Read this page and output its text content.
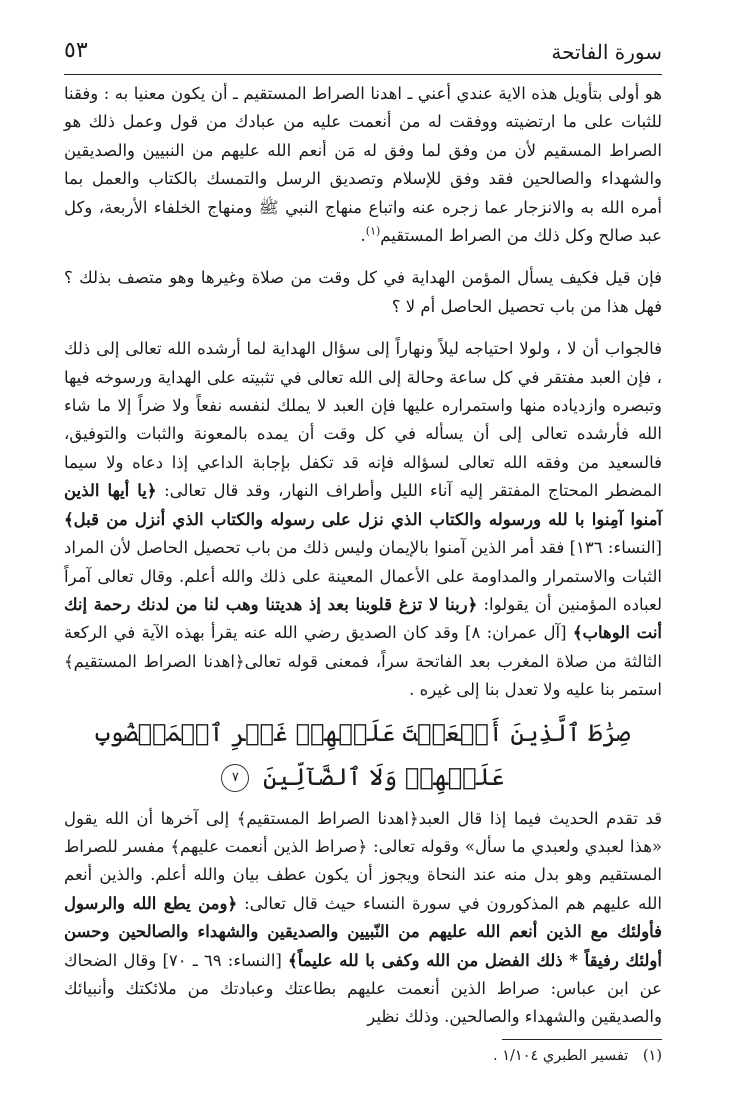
سورة الفاتحة
٥٣

هو أولى بتأويل هذه الاية عندي أعني ـ اهدنا الصراط المستقيم ـ أن يكون معنيا به : وفقنا للثبات على ما ارتضيته ووفقت له من أنعمت عليه من عبادك من قول وعمل ذلك هو الصراط المسقيم لأن من وفق لما وفق له مَن أنعم الله عليهم من النبيين والصديقين والشهداء والصالحين فقد وفق للإسلام وتصديق الرسل والتمسك بالكتاب والعمل بما أمره الله به والانزجار عما زجره عنه واتباع منهاج النبي ﷺ ومنهاج الخلفاء الأربعة، وكل عبد صالح وكل ذلك من الصراط المستقيم$^{(١)}$.

فإن قيل فكيف يسأل المؤمن الهداية في كل وقت من صلاة وغيرها وهو متصف بذلك ؟ فهل هذا من باب تحصيل الحاصل أم لا ؟

فالجواب أن لا ، ولولا احتياجه ليلاً ونهاراً إلى سؤال الهداية لما أرشده الله تعالى إلى ذلك ، فإن العبد مفتقر في كل ساعة وحالة إلى الله تعالى في تثبيته على الهداية ورسوخه فيها وتبصره وازدياده منها واستمراره عليها فإن العبد لا يملك لنفسه نفعاً ولا ضراً إلا ما شاء الله فأرشده تعالى إلى أن يسأله في كل وقت أن يمده بالمعونة والثبات والتوفيق، فالسعيد من وفقه الله تعالى لسؤاله فإنه قد تكفل بإجابة الداعي إذا دعاه ولا سيما المضطر المحتاج المفتقر إليه آناء الليل وأطراف النهار، وقد قال تعالى: ﴿يا أيها الذين آمنوا آمِنوا با لله ورسوله والكتاب الذي نزل على رسوله والكتاب الذي أنزل من قبل﴾ [النساء: ١٣٦] فقد أمر الذين آمنوا بالإيمان وليس ذلك من باب تحصيل الحاصل لأن المراد الثبات والاستمرار والمداومة على الأعمال المعينة على ذلك والله أعلم. وقال تعالى آمراً لعباده المؤمنين أن يقولوا: ﴿ربنا لا تزغ قلوبنا بعد إذ هديتنا وهب لنا من لدنك رحمة إنك أنت الوهاب﴾ [آل عمران: ٨] وقد كان الصديق رضي الله عنه يقرأ بهذه الآية في الركعة الثالثة من صلاة المغرب بعد الفاتحة سراً، فمعنى قوله تعالى﴿اهدنا الصراط المستقيم﴾ استمر بنا عليه ولا تعدل بنا إلى غيره .

صِرَٰطَ ٱلَّذِينَ أَنۡعَمۡتَ عَلَيۡهِمۡ غَيۡرِ ٱلۡمَغۡضُوبِ عَلَيۡهِمۡ وَلَا ٱلضَّآلِّينَ ٧

قد تقدم الحديث فيما إذا قال العبد﴿اهدنا الصراط المستقيم﴾ إلى آخرها أن الله يقول «هذا لعبدي ولعبدي ما سأل» وقوله تعالى: ﴿صراط الذين أنعمت عليهم﴾ مفسر للصراط المستقيم وهو بدل منه عند النحاة ويجوز أن يكون عطف بيان والله أعلم. والذين أنعم الله عليهم هم المذكورون في سورة النساء حيث قال تعالى: ﴿ومن يطع الله والرسول فأولئك مع الذين أنعم الله عليهم من النّبيين والصديقين والشهداء والصالحين وحسن أولئك رفيقاً * ذلك الفضل من الله وكفى با لله عليماً﴾ [النساء: ٦٩ ـ ٧٠] وقال الضحاك عن ابن عباس: صراط الذين أنعمت عليهم بطاعتك وعبادتك من ملائكتك وأنبيائك والصديقين والشهداء والصالحين. وذلك نظير

(١) تفسير الطبري ١/١٠٤ .
